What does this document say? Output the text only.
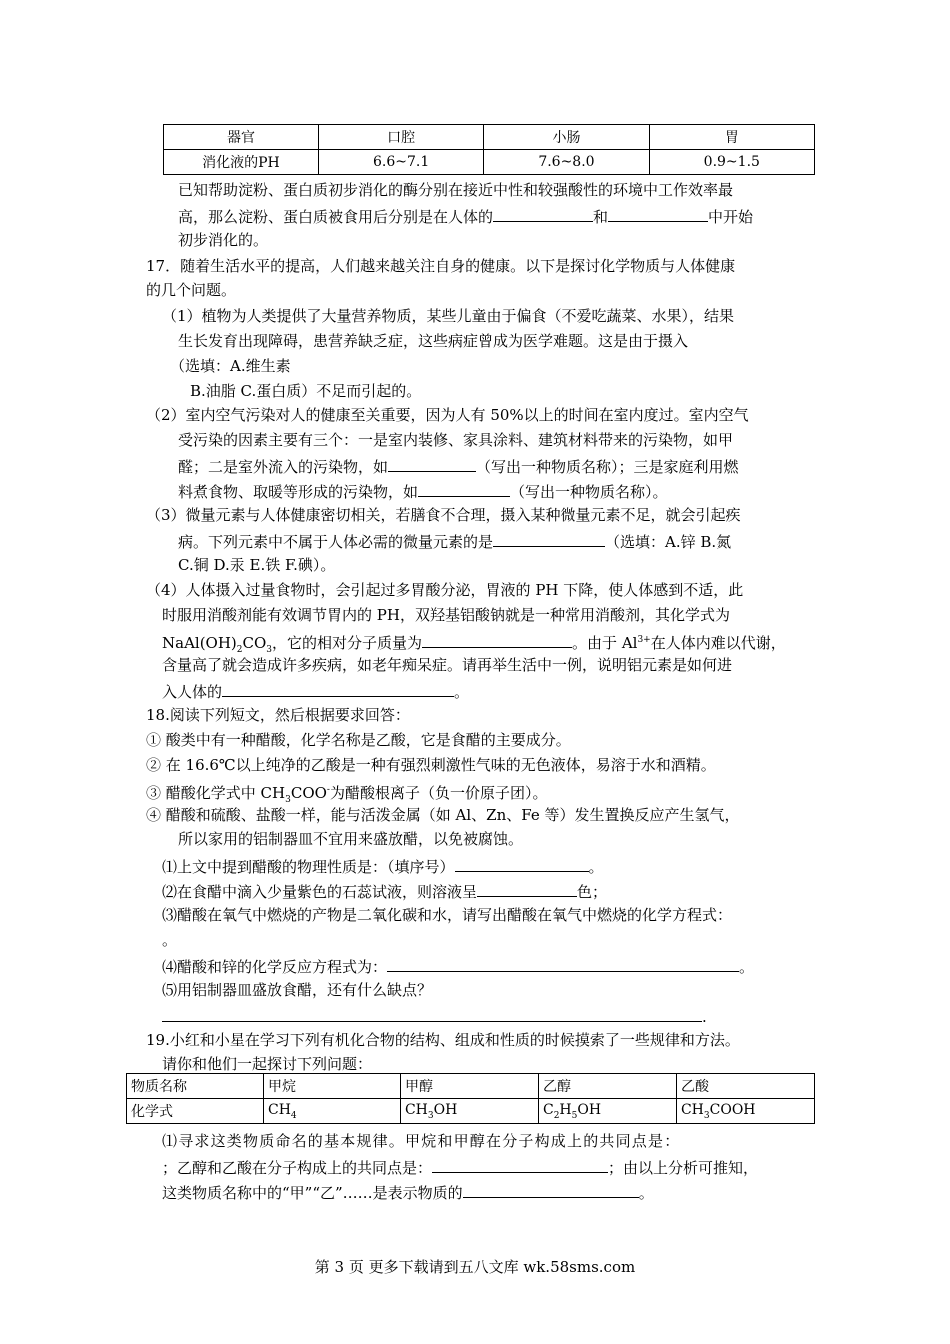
器官	口腔	小肠	胃
消化液的PH	6.6~7.1	7.6~8.0	0.9~1.5
已知帮助淀粉、蛋白质初步消化的酶分别在接近中性和较强酸性的环境中工作效率最
高，那么淀粉、蛋白质被食用后分别是在人体的	和	中开始
初步消化的。
17．随着生活水平的提高，人们越来越关注自身的健康。以下是探讨化学物质与人体健康
的几个问题。
（1）植物为人类提供了大量营养物质，某些儿童由于偏食（不爱吃蔬菜、水果），结果
生长发育出现障碍，患营养缺乏症，这些病症曾成为医学难题。这是由于摄入
（选填：A.维生素
B.油脂 C.蛋白质）不足而引起的。
（2）室内空气污染对人的健康至关重要，因为人有 50%以上的时间在室内度过。室内空气
受污染的因素主要有三个：一是室内装修、家具涂料、建筑材料带来的污染物，如甲
醛；二是室外流入的污染物，如	（写出一种物质名称）；三是家庭利用燃
料煮食物、取暖等形成的污染物，如	（写出一种物质名称）。
（3）微量元素与人体健康密切相关，若膳食不合理，摄入某种微量元素不足，就会引起疾
病。下列元素中不属于人体必需的微量元素的是	（选填：A.锌 B.氮
C.铜 D.汞 E.铁 F.碘）。
（4）人体摄入过量食物时，会引起过多胃酸分泌，胃液的 PH 下降，使人体感到不适，此
时服用消酸剂能有效调节胃内的 PH，双羟基铝酸钠就是一种常用消酸剂，其化学式为
$NaAl(OH)_2CO_3$，它的相对分子质量为	。由于 $Al^{3+}$在人体内难以代谢，
含量高了就会造成许多疾病，如老年痴呆症。请再举生活中一例，说明铝元素是如何进
入人体的	。
18.阅读下列短文，然后根据要求回答：
① 酸类中有一种醋酸，化学名称是乙酸，它是食醋的主要成分。
② 在 16.6℃以上纯净的乙酸是一种有强烈刺激性气味的无色液体，易溶于水和酒精。
③ 醋酸化学式中 $CH_3COO^-$为醋酸根离子（负一价原子团）。
④ 醋酸和硫酸、盐酸一样，能与活泼金属（如 Al、Zn、Fe 等）发生置换反应产生氢气，
所以家用的铝制器皿不宜用来盛放醋，以免被腐蚀。
⑴上文中提到醋酸的物理性质是：（填序号）	。
⑵在食醋中滴入少量紫色的石蕊试液，则溶液呈	色；
⑶醋酸在氧气中燃烧的产物是二氧化碳和水，请写出醋酸在氧气中燃烧的化学方程式：
。
⑷醋酸和锌的化学反应方程式为：	。
⑸用铝制器皿盛放食醋，还有什么缺点？
.
19.小红和小星在学习下列有机化合物的结构、组成和性质的时候摸索了一些规律和方法。
请你和他们一起探讨下列问题：
物质名称	甲烷	甲醇	乙醇	乙酸
化学式	$CH_4$	$CH_3OH$	$C_2H_5OH$	$CH_3COOH$
⑴寻求这类物质命名的基本规律。甲烷和甲醇在分子构成上的共同点是：
；乙醇和乙酸在分子构成上的共同点是：	；由以上分析可推知，
这类物质名称中的“甲”“乙”……是表示物质的	。
第 3 页 更多下载请到五八文库 wk.58sms.com
